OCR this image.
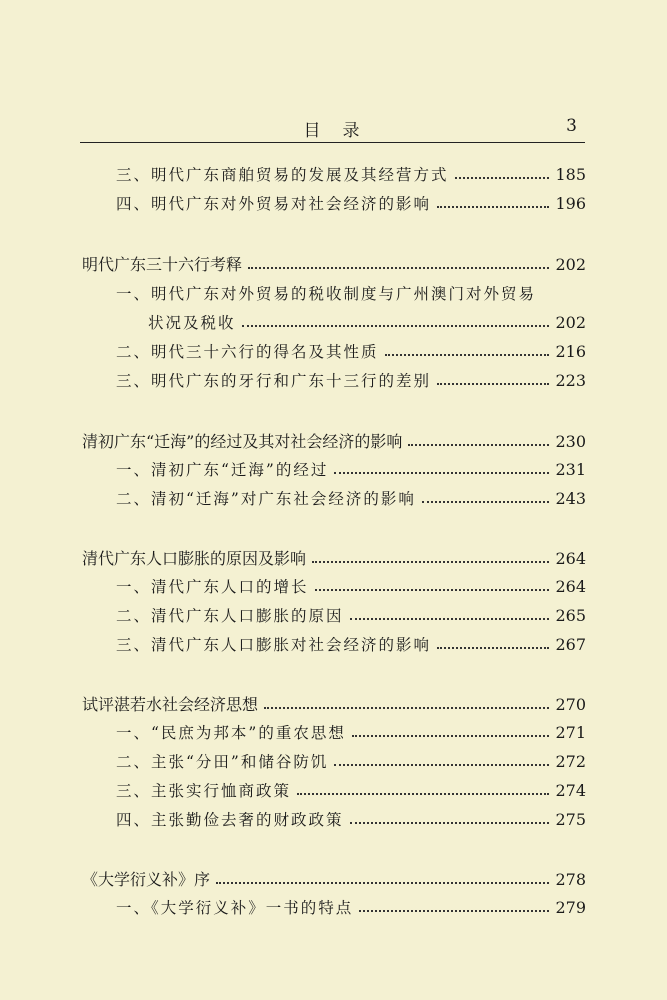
目 录	3
三、明代广东商舶贸易的发展及其经营方式	185
四、明代广东对外贸易对社会经济的影响	196
明代广东三十六行考释	202
一、明代广东对外贸易的税收制度与广州澳门对外贸易
状况及税收	202
二、明代三十六行的得名及其性质	216
三、明代广东的牙行和广东十三行的差别	223
清初广东“迁海”的经过及其对社会经济的影响	230
一、清初广东“迁海”的经过	231
二、清初“迁海”对广东社会经济的影响	243
清代广东人口膨胀的原因及影响	264
一、清代广东人口的增长	264
二、清代广东人口膨胀的原因	265
三、清代广东人口膨胀对社会经济的影响	267
试评湛若水社会经济思想	270
一、“民庶为邦本”的重农思想	271
二、主张“分田”和储谷防饥	272
三、主张实行恤商政策	274
四、主张勤俭去奢的财政政策	275
《大学衍义补》序	278
一、《大学衍义补》一书的特点	279
